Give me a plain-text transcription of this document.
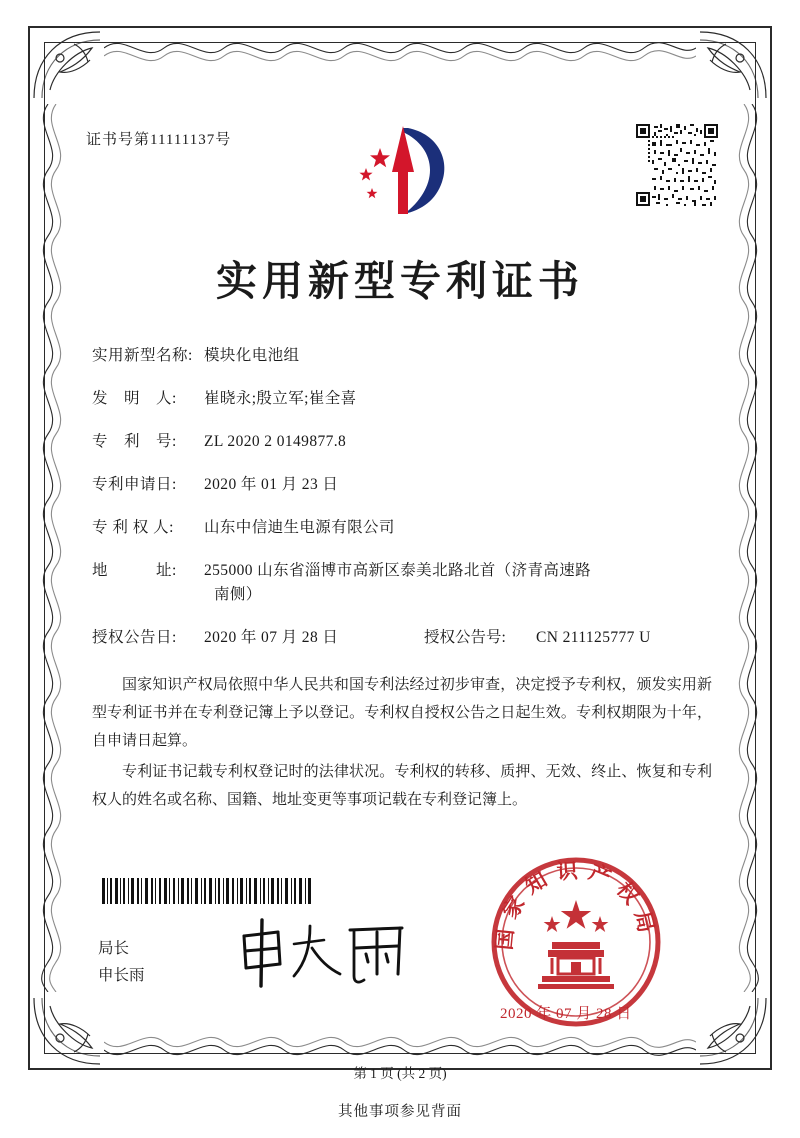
证书号第11111137号
实用新型专利证书
实用新型名称: 模块化电池组
发　明　人:	崔晓永;殷立军;崔全喜
专　利　号:	ZL 2020 2 0149877.8
专利申请日:	2020 年 01 月 23 日
专 利 权 人:	山东中信迪生电源有限公司
地　　　址:	255000 山东省淄博市高新区泰美北路北首（济青高速路
南侧）
授权公告日:	2020 年 07 月 28 日	授权公告号:	CN 211125777 U

国家知识产权局依照中华人民共和国专利法经过初步审查，决定授予专利权，颁发实用新型专利证书并在专利登记簿上予以登记。专利权自授权公告之日起生效。专利权期限为十年，自申请日起算。

专利证书记载专利权登记时的法律状况。专利权的转移、质押、无效、终止、恢复和专利权人的姓名或名称、国籍、地址变更等事项记载在专利登记簿上。

局长
申长雨
国家知识产权局
2020 年 07 月 28 日
第 1 页 (共 2 页)
其他事项参见背面
